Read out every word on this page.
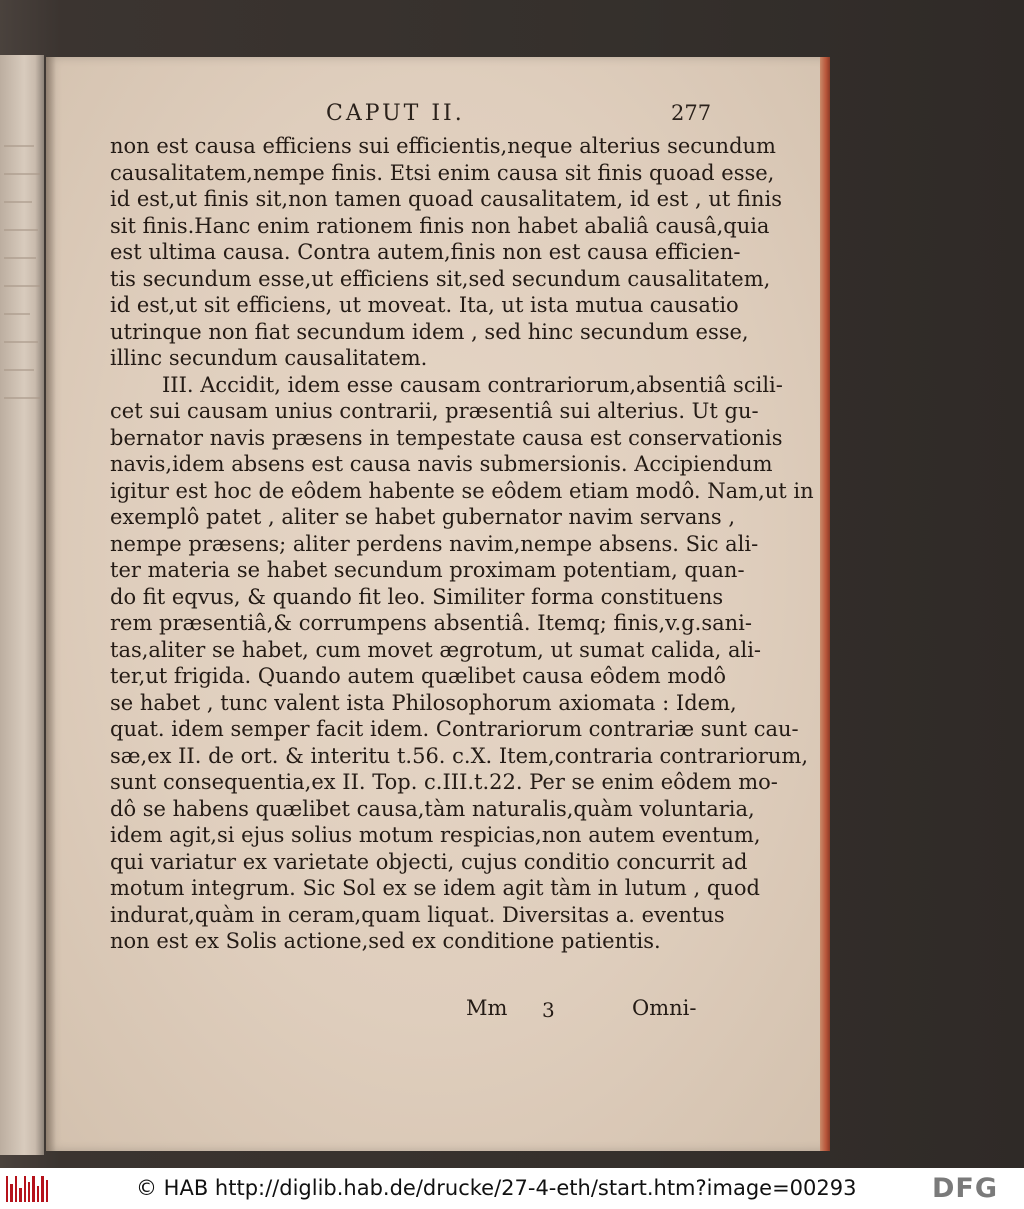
CAPUT II.	277
non est causa efficiens sui efficientis,neque alterius secundum
causalitatem,nempe finis. Etsi enim causa sit finis quoad esse,
id est,ut finis sit,non tamen quoad causalitatem, id est , ut finis
sit finis.Hanc enim rationem finis non habet abaliâ causâ,quia
est ultima causa. Contra autem,finis non est causa efficien-
tis secundum esse,ut efficiens sit,sed secundum causalitatem,
id est,ut sit efficiens, ut moveat. Ita, ut ista mutua causatio
utrinque non fiat secundum idem , sed hinc secundum esse,
illinc secundum causalitatem.
III. Accidit, idem esse causam contrariorum,absentiâ scili-
cet sui causam unius contrarii, præsentiâ sui alterius. Ut gu-
bernator navis præsens in tempestate causa est conservationis
navis,idem absens est causa navis submersionis. Accipiendum
igitur est hoc de eôdem habente se eôdem etiam modô. Nam,ut in
exemplô patet , aliter se habet gubernator navim servans ,
nempe præsens; aliter perdens navim,nempe absens. Sic ali-
ter materia se habet secundum proximam potentiam, quan-
do fit eqvus, & quando fit leo. Similiter forma constituens
rem præsentiâ,& corrumpens absentiâ. Itemq; finis,v.g.sani-
tas,aliter se habet, cum movet ægrotum, ut sumat calida, ali-
ter,ut frigida. Quando autem quælibet causa eôdem modô
se habet , tunc valent ista Philosophorum axiomata : Idem,
quat. idem semper facit idem. Contrariorum contrariæ sunt cau-
sæ,ex II. de ort. & interitu t.56. c.X. Item,contraria contrariorum,
sunt consequentia,ex II. Top. c.III.t.22. Per se enim eôdem mo-
dô se habens quælibet causa,tàm naturalis,quàm voluntaria,
idem agit,si ejus solius motum respicias,non autem eventum,
qui variatur ex varietate objecti, cujus conditio concurrit ad
motum integrum. Sic Sol ex se idem agit tàm in lutum , quod
indurat,quàm in ceram,quam liquat. Diversitas a. eventus
non est ex Solis actione,sed ex conditione patientis.
Mm 3	Omni-
© HAB http://diglib.hab.de/drucke/27-4-eth/start.htm?image=00293	DFG
